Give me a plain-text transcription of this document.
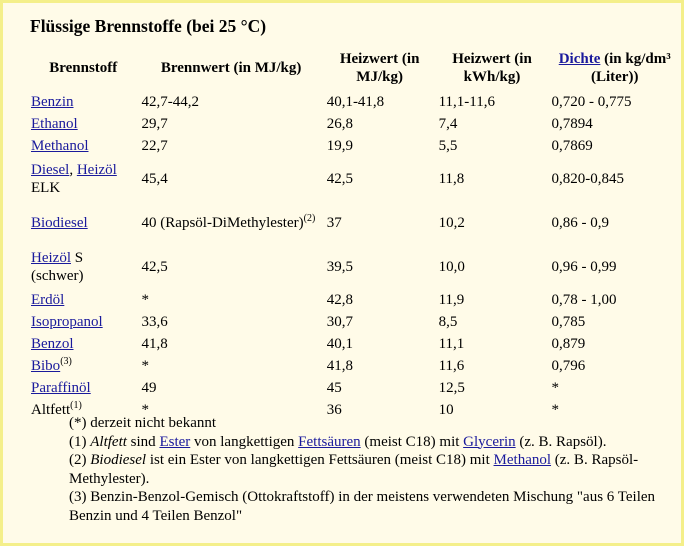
Flüssige Brennstoffe (bei 25 °C)
Brennstoff	Brennwert (in MJ/kg)	Heizwert (in MJ/kg)	Heizwert (in kWh/kg)	Dichte (in kg/dm³ (Liter))
Benzin	42,7-44,2	40,1-41,8	11,1-11,6	0,720 - 0,775
Ethanol	29,7	26,8	7,4	0,7894
Methanol	22,7	19,9	5,5	0,7869
Diesel, Heizöl ELK	45,4	42,5	11,8	0,820-0,845
Biodiesel	40 (Rapsöl-DiMethylester)$^{(2)}$	37	10,2	0,86 - 0,9
Heizöl S (schwer)	42,5	39,5	10,0	0,96 - 0,99
Erdöl	*	42,8	11,9	0,78 - 1,00
Isopropanol	33,6	30,7	8,5	0,785
Benzol	41,8	40,1	11,1	0,879
Bibo$^{(3)}$	*	41,8	11,6	0,796
Paraffinöl	49	45	12,5	*
Altfett$^{(1)}$	*	36	10	*
(*) derzeit nicht bekannt
(1) Altfett sind Ester von langkettigen Fettsäuren (meist C18) mit Glycerin (z. B. Rapsöl).
(2) Biodiesel ist ein Ester von langkettigen Fettsäuren (meist C18) mit Methanol (z. B. Rapsöl-Methylester).
(3) Benzin-Benzol-Gemisch (Ottokraftstoff) in der meistens verwendeten Mischung "aus 6 Teilen Benzin und 4 Teilen Benzol"
